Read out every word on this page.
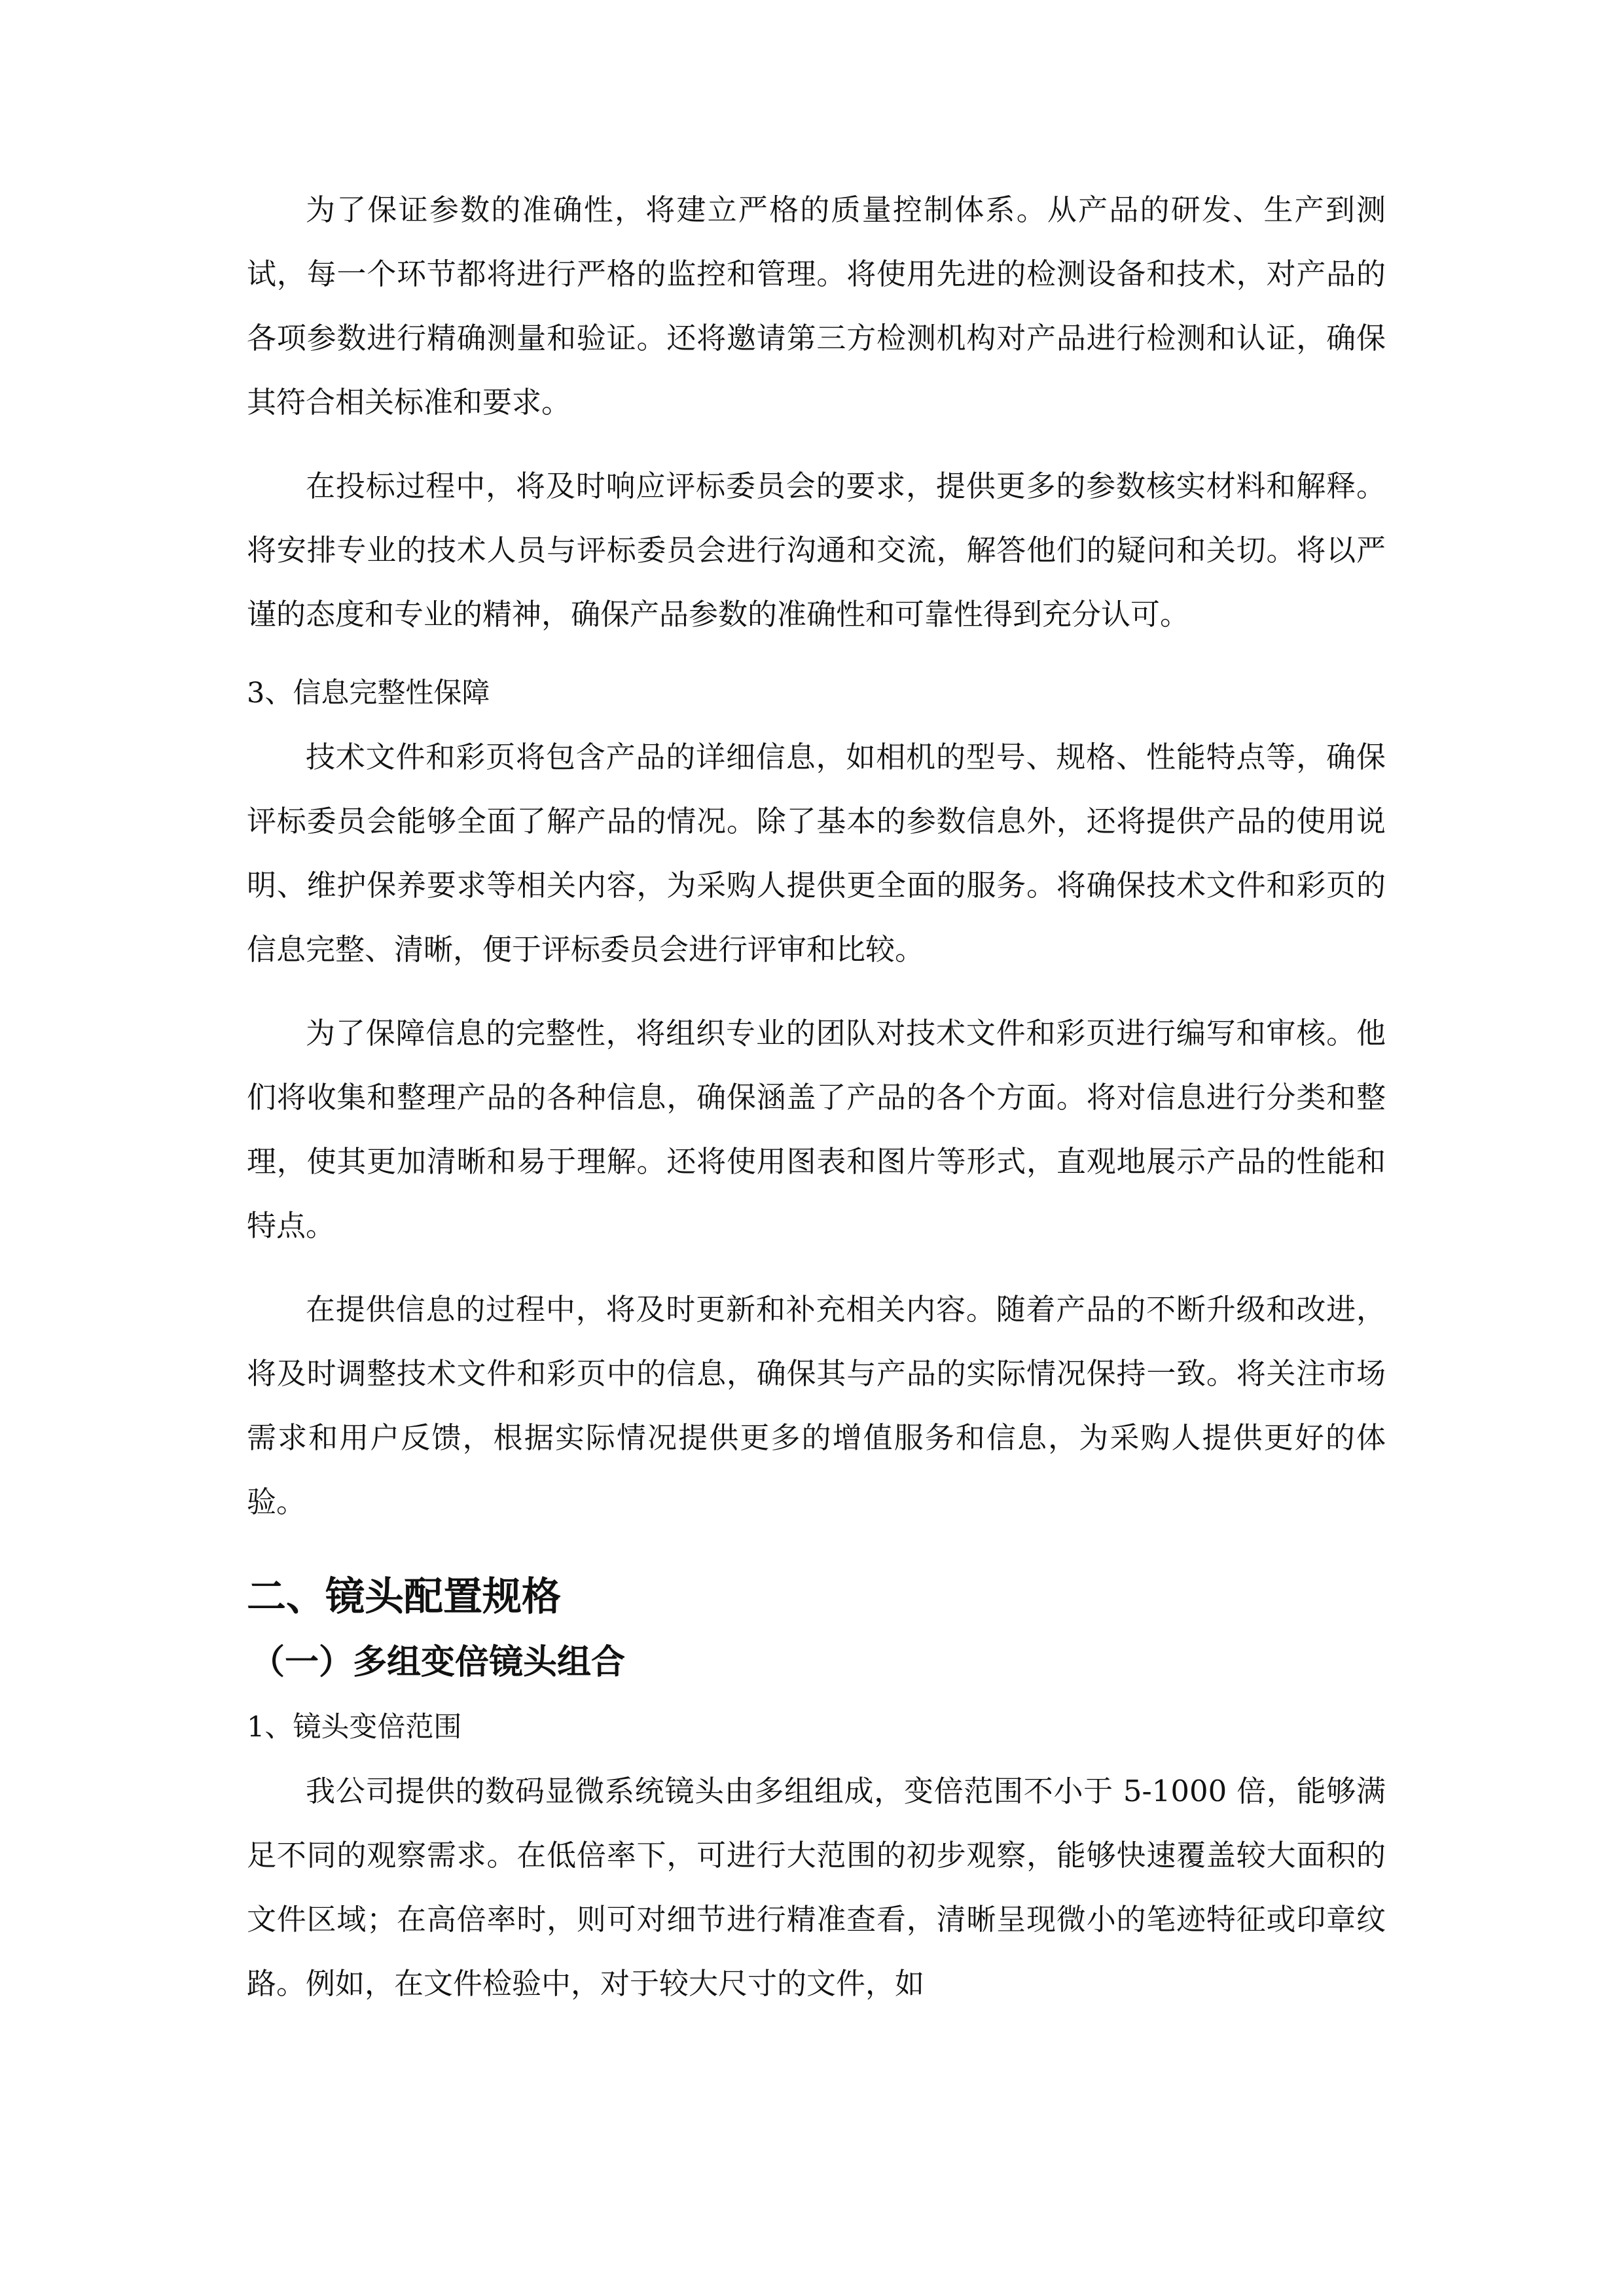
为了保证参数的准确性，将建立严格的质量控制体系。从产品的研发、生产到测试，每一个环节都将进行严格的监控和管理。将使用先进的检测设备和技术，对产品的各项参数进行精确测量和验证。还将邀请第三方检测机构对产品进行检测和认证，确保其符合相关标准和要求。

在投标过程中，将及时响应评标委员会的要求，提供更多的参数核实材料和解释。将安排专业的技术人员与评标委员会进行沟通和交流，解答他们的疑问和关切。将以严谨的态度和专业的精神，确保产品参数的准确性和可靠性得到充分认可。

3、信息完整性保障

技术文件和彩页将包含产品的详细信息，如相机的型号、规格、性能特点等，确保评标委员会能够全面了解产品的情况。除了基本的参数信息外，还将提供产品的使用说明、维护保养要求等相关内容，为采购人提供更全面的服务。将确保技术文件和彩页的信息完整、清晰，便于评标委员会进行评审和比较。

为了保障信息的完整性，将组织专业的团队对技术文件和彩页进行编写和审核。他们将收集和整理产品的各种信息，确保涵盖了产品的各个方面。将对信息进行分类和整理，使其更加清晰和易于理解。还将使用图表和图片等形式，直观地展示产品的性能和特点。

在提供信息的过程中，将及时更新和补充相关内容。随着产品的不断升级和改进，将及时调整技术文件和彩页中的信息，确保其与产品的实际情况保持一致。将关注市场需求和用户反馈，根据实际情况提供更多的增值服务和信息，为采购人提供更好的体验。

二、镜头配置规格
（一）多组变倍镜头组合

1、镜头变倍范围

我公司提供的数码显微系统镜头由多组组成，变倍范围不小于 5-1000 倍，能够满足不同的观察需求。在低倍率下，可进行大范围的初步观察，能够快速覆盖较大面积的文件区域；在高倍率时，则可对细节进行精准查看，清晰呈现微小的笔迹特征或印章纹路。例如，在文件检验中，对于较大尺寸的文件，如
